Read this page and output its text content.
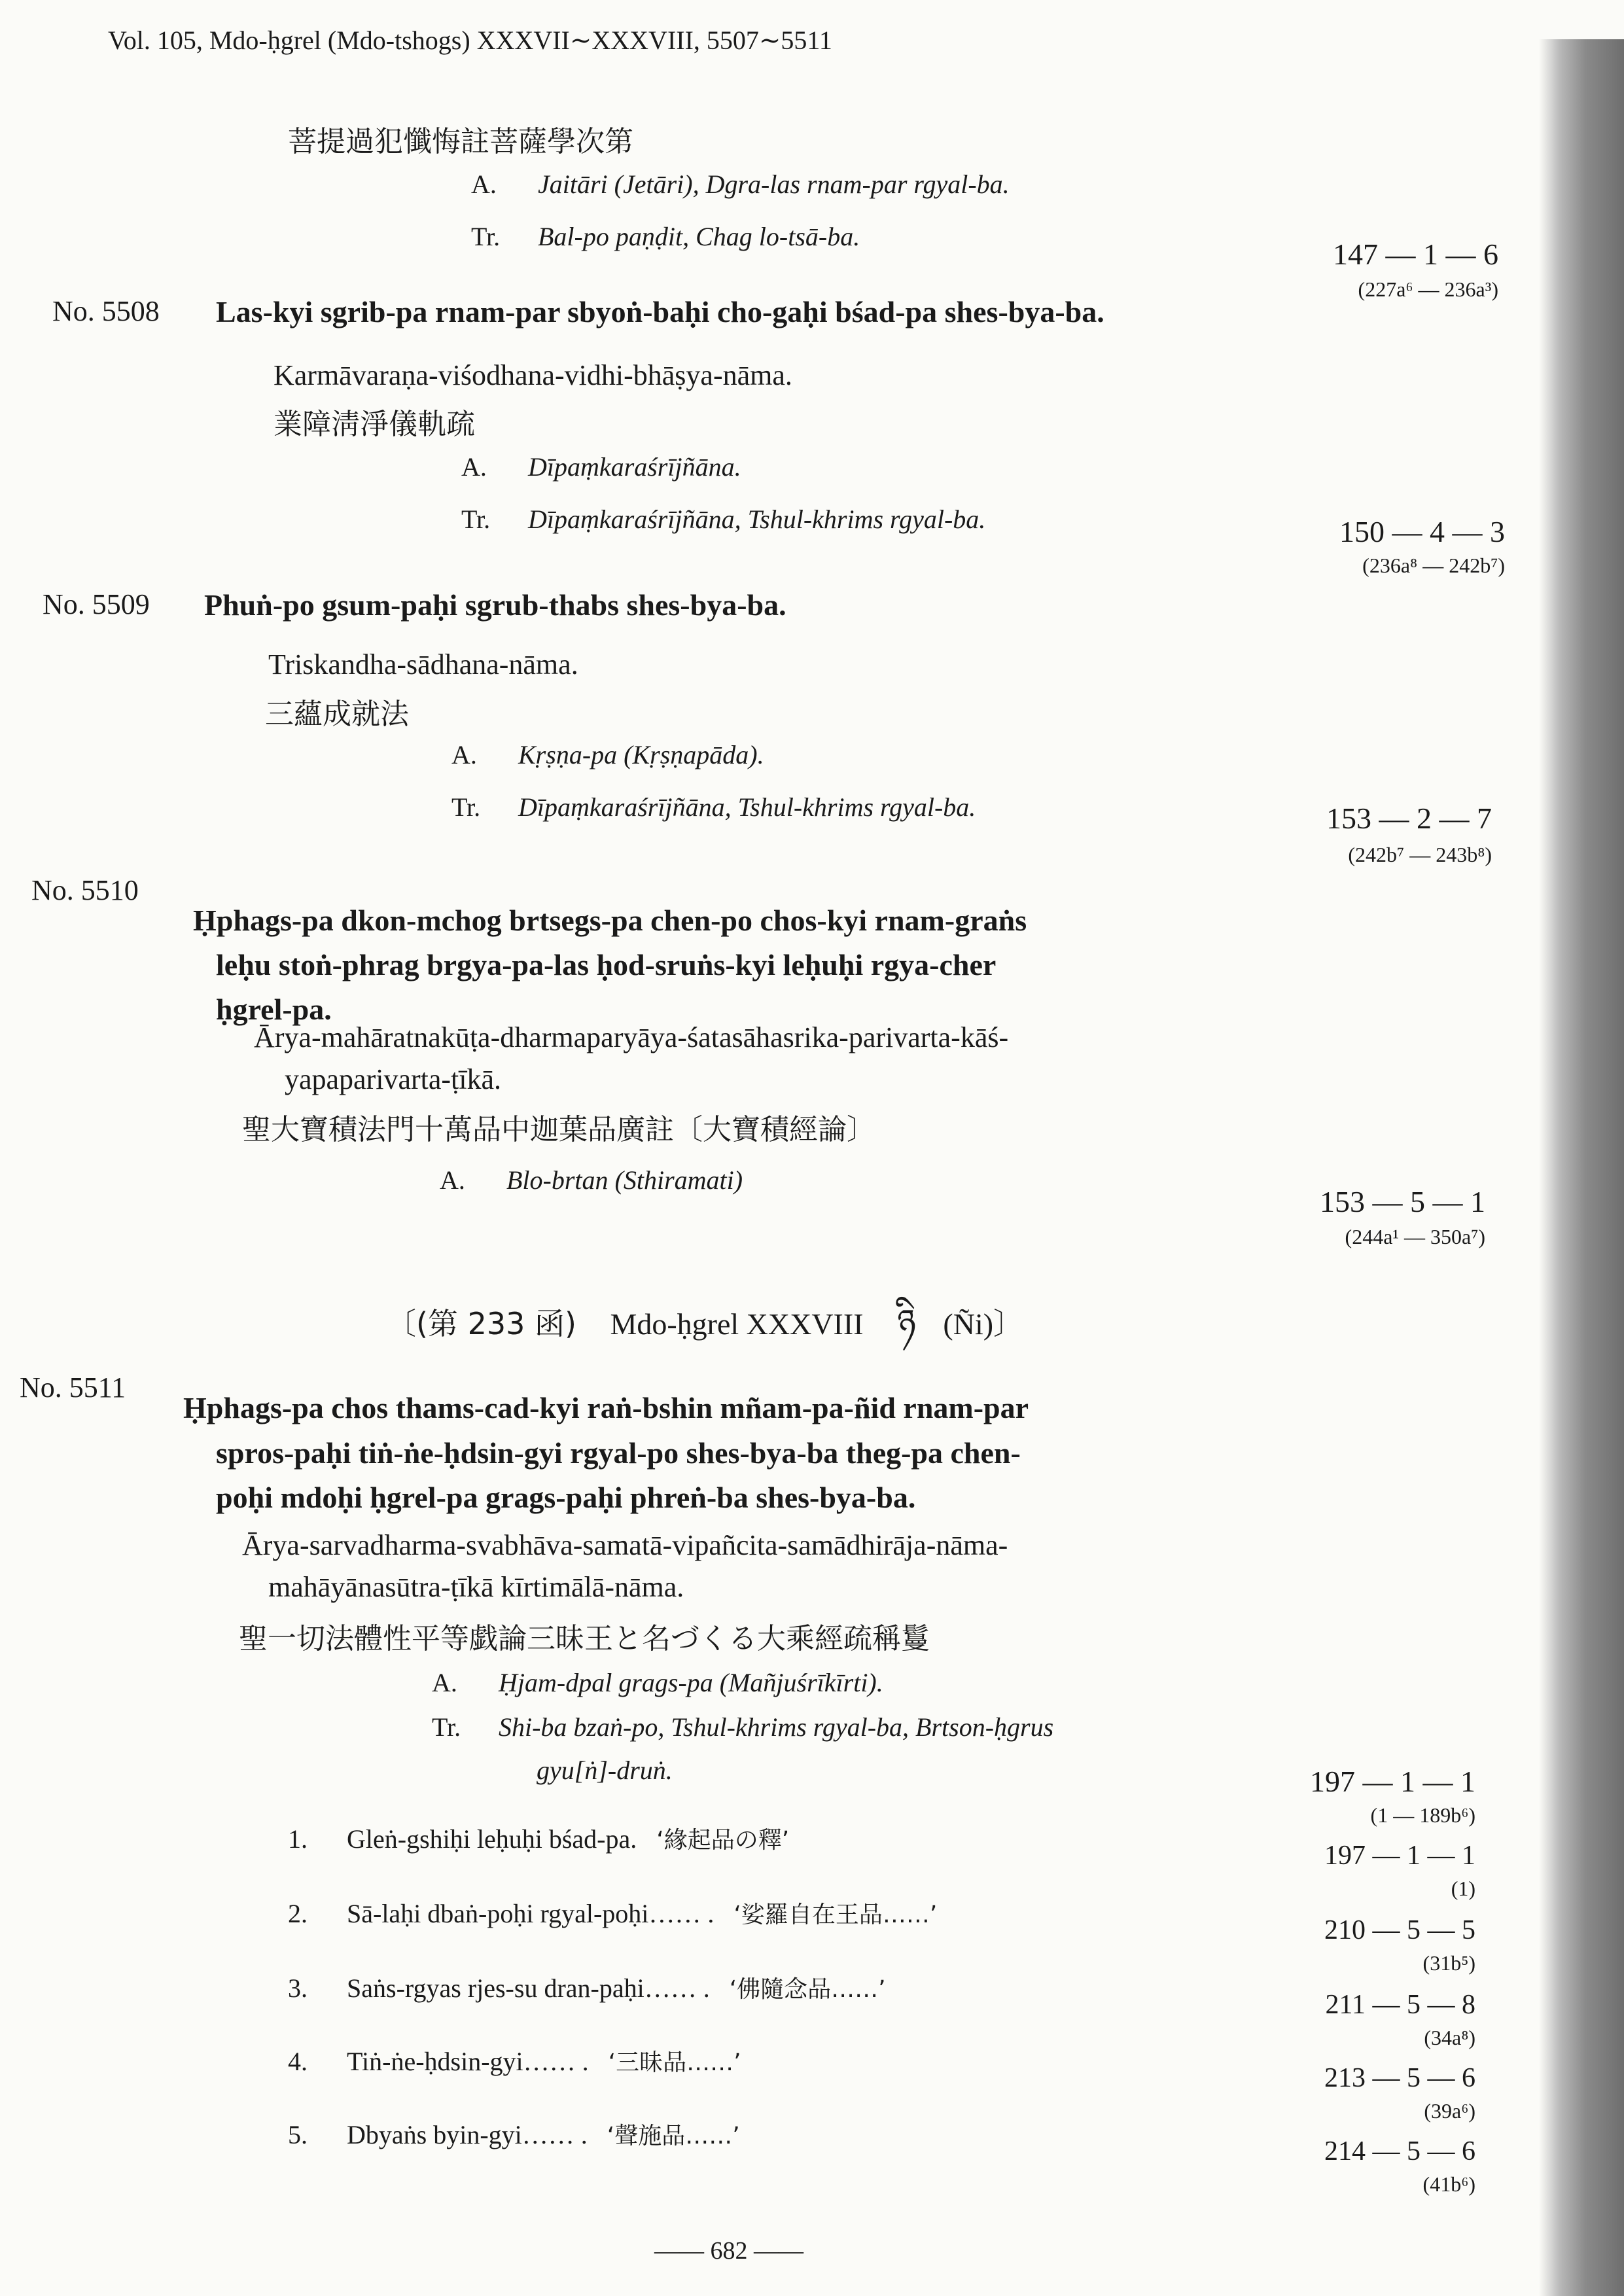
Vol. 105, Mdo-ḥgrel (Mdo-tshogs) XXXVII∼XXXVIII, 5507∼5511
菩提過犯懺悔註菩薩學次第
A. Jaitāri (Jetāri), Dgra-las rnam-par rgyal-ba.
Tr. Bal-po paṇḍit, Chag lo-tsā-ba.
147 — 1 — 6
(227a⁶ — 236a³)
No. 5508 Las-kyi sgrib-pa rnam-par sbyoṅ-baḥi cho-gaḥi bśad-pa shes-bya-ba.
Karmāvaraṇa-viśodhana-vidhi-bhāṣya-nāma.
業障淸淨儀軌疏
A. Dīpaṃkaraśrījñāna.
Tr. Dīpaṃkaraśrījñāna, Tshul-khrims rgyal-ba.	150 — 4 — 3
(236a⁸ — 242b⁷)
No. 5509 Phuṅ-po gsum-paḥi sgrub-thabs shes-bya-ba.
Triskandha-sādhana-nāma.
三蘊成就法
A. Kṛṣṇa-pa (Kṛṣṇapāda).
Tr. Dīpaṃkaraśrījñāna, Tshul-khrims rgyal-ba.	153 — 2 — 7
(242b⁷ — 243b⁸)
No. 5510
Ḥphags-pa dkon-mchog brtsegs-pa chen-po chos-kyi rnam-graṅs
leḥu stoṅ-phrag brgya-pa-las ḥod-sruṅs-kyi leḥuḥi rgya-cher
ḥgrel-pa.
Ārya-mahāratnakūṭa-dharmaparyāya-śatasāhasrika-parivarta-kāś-
yapaparivarta-ṭīkā.
聖大寶積法門十萬品中迦葉品廣註〔大寶積經論〕
A. Blo-brtan (Sthiramati)
153 — 5 — 1
(244a¹ — 350a⁷)
〔(第 233 函) Mdo-ḥgrel XXXVIII ཉི (Ñi)〕
No. 5511
Ḥphags-pa chos thams-cad-kyi raṅ-bshin mñam-pa-ñid rnam-par
spros-paḥi tiṅ-ṅe-ḥdsin-gyi rgyal-po shes-bya-ba theg-pa chen-
poḥi mdoḥi ḥgrel-pa grags-paḥi phreṅ-ba shes-bya-ba.
Ārya-sarvadharma-svabhāva-samatā-vipañcita-samādhirāja-nāma-
mahāyānasūtra-ṭīkā kīrtimālā-nāma.
聖一切法體性平等戯論三昧王と名づくる大乘經疏稱鬘
A. Ḥjam-dpal grags-pa (Mañjuśrīkīrti).
Tr. Shi-ba bzaṅ-po, Tshul-khrims rgyal-ba, Brtson-ḥgrus
gyu[ṅ]-druṅ.	197 — 1 — 1
(1 — 189b⁶)
1. Gleṅ-gshiḥi leḥuḥi bśad-pa. ‘緣起品の釋’
197 — 1 — 1
(1)
2. Sā-laḥi dbaṅ-poḥi rgyal-poḥi…… . ‘娑羅自在王品……’
210 — 5 — 5
(31b⁵)
3. Saṅs-rgyas rjes-su dran-paḥi…… . ‘佛隨念品……’
211 — 5 — 8
(34a⁸)
4. Tiṅ-ṅe-ḥdsin-gyi…… . ‘三昧品……’
213 — 5 — 6
(39a⁶)
5. Dbyaṅs byin-gyi…… . ‘聲施品……’
214 — 5 — 6
(41b⁶)
—— 682 ——
